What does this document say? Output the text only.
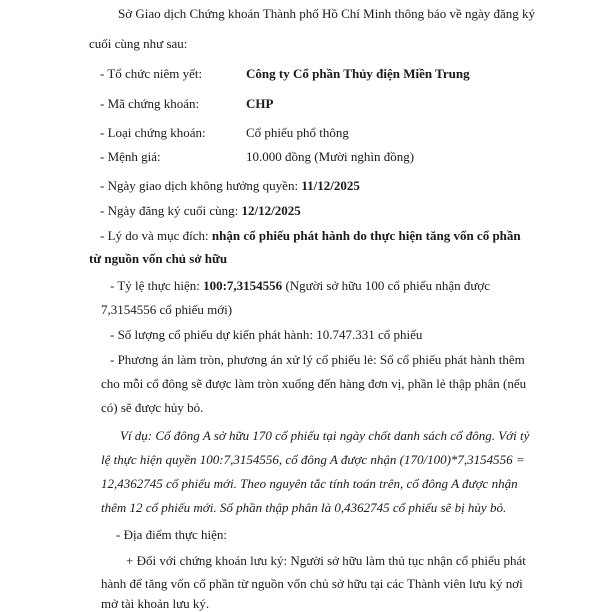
Sở Giao dịch Chứng khoán Thành phố Hồ Chí Minh thông báo về ngày đăng ký
cuối cùng như sau:
- Tổ chức niêm yết:	Công ty Cổ phần Thủy điện Miền Trung
- Mã chứng khoán:	CHP
- Loại chứng khoán:	Cổ phiếu phổ thông
- Mệnh giá:	10.000 đồng (Mười nghìn đồng)
- Ngày giao dịch không hưởng quyền: 11/12/2025
- Ngày đăng ký cuối cùng: 12/12/2025
- Lý do và mục đích: nhận cổ phiếu phát hành do thực hiện tăng vốn cổ phần
từ nguồn vốn chủ sở hữu
- Tỷ lệ thực hiện: 100:7,3154556 (Người sở hữu 100 cổ phiếu nhận được
7,3154556 cổ phiếu mới)
- Số lượng cổ phiếu dự kiến phát hành: 10.747.331 cổ phiếu
- Phương án làm tròn, phương án xử lý cổ phiếu lẻ: Số cổ phiếu phát hành thêm
cho mỗi cổ đông sẽ được làm tròn xuống đến hàng đơn vị, phần lẻ thập phân (nếu
có) sẽ được hủy bỏ.
Ví dụ: Cổ đông A sở hữu 170 cổ phiếu tại ngày chốt danh sách cổ đông. Với tỷ
lệ thực hiện quyền 100:7,3154556, cổ đông A được nhận (170/100)*7,3154556 =
12,4362745 cổ phiếu mới. Theo nguyên tắc tính toán trên, cổ đông A được nhận
thêm 12 cổ phiếu mới. Số phần thập phân là 0,4362745 cổ phiếu sẽ bị hủy bỏ.
- Địa điểm thực hiện:
+ Đối với chứng khoán lưu ký: Người sở hữu làm thủ tục nhận cổ phiếu phát
hành để tăng vốn cổ phần từ nguồn vốn chủ sở hữu tại các Thành viên lưu ký nơi
mở tài khoản lưu ký.
